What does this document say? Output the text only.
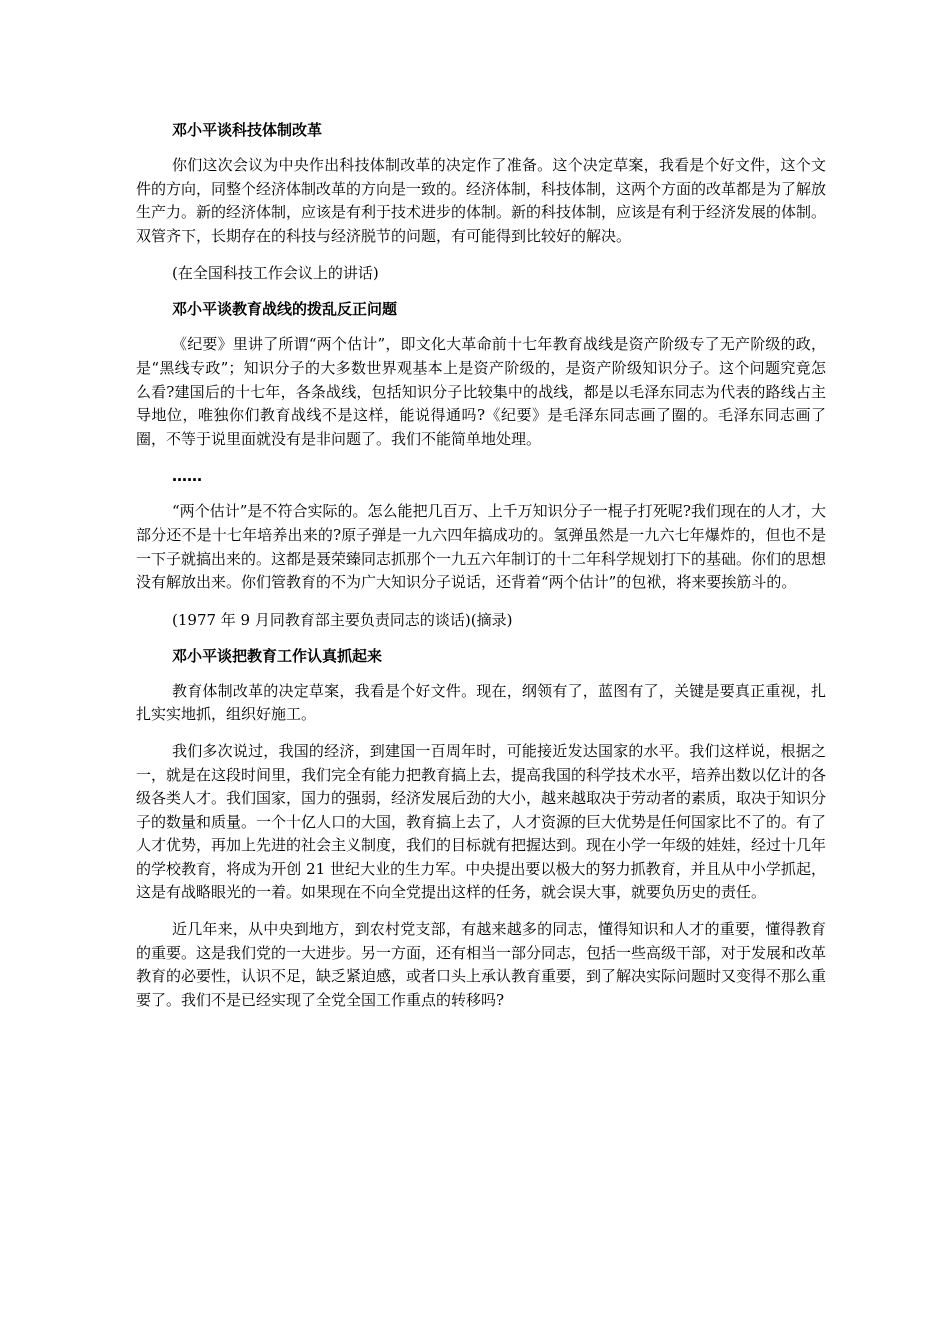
邓小平谈科技体制改革

你们这次会议为中央作出科技体制改革的决定作了准备。这个决定草案，我看是个好文件，这个文件的方向，同整个经济体制改革的方向是一致的。经济体制，科技体制，这两个方面的改革都是为了解放生产力。新的经济体制，应该是有利于技术进步的体制。新的科技体制，应该是有利于经济发展的体制。双管齐下，长期存在的科技与经济脱节的问题，有可能得到比较好的解决。

(在全国科技工作会议上的讲话)
邓小平谈教育战线的拨乱反正问题

《纪要》里讲了所谓“两个估计”，即文化大革命前十七年教育战线是资产阶级专了无产阶级的政，是“黑线专政”；知识分子的大多数世界观基本上是资产阶级的，是资产阶级知识分子。这个问题究竟怎么看?建国后的十七年，各条战线，包括知识分子比较集中的战线，都是以毛泽东同志为代表的路线占主导地位，唯独你们教育战线不是这样，能说得通吗?《纪要》是毛泽东同志画了圈的。毛泽东同志画了圈，不等于说里面就没有是非问题了。我们不能简单地处理。

……

“两个估计”是不符合实际的。怎么能把几百万、上千万知识分子一棍子打死呢?我们现在的人才，大部分还不是十七年培养出来的?原子弹是一九六四年搞成功的。氢弹虽然是一九六七年爆炸的，但也不是一下子就搞出来的。这都是聂荣臻同志抓那个一九五六年制订的十二年科学规划打下的基础。你们的思想没有解放出来。你们管教育的不为广大知识分子说话，还背着“两个估计”的包袱，将来要挨筋斗的。

(1977 年 9 月同教育部主要负责同志的谈话)(摘录)
邓小平谈把教育工作认真抓起来

教育体制改革的决定草案，我看是个好文件。现在，纲领有了，蓝图有了，关键是要真正重视，扎扎实实地抓，组织好施工。

我们多次说过，我国的经济，到建国一百周年时，可能接近发达国家的水平。我们这样说，根据之一，就是在这段时间里，我们完全有能力把教育搞上去，提高我国的科学技术水平，培养出数以亿计的各级各类人才。我们国家，国力的强弱，经济发展后劲的大小，越来越取决于劳动者的素质，取决于知识分子的数量和质量。一个十亿人口的大国，教育搞上去了，人才资源的巨大优势是任何国家比不了的。有了人才优势，再加上先进的社会主义制度，我们的目标就有把握达到。现在小学一年级的娃娃，经过十几年的学校教育，将成为开创 21 世纪大业的生力军。中央提出要以极大的努力抓教育，并且从中小学抓起，这是有战略眼光的一着。如果现在不向全党提出这样的任务，就会误大事，就要负历史的责任。

近几年来，从中央到地方，到农村党支部，有越来越多的同志，懂得知识和人才的重要，懂得教育的重要。这是我们党的一大进步。另一方面，还有相当一部分同志，包括一些高级干部，对于发展和改革教育的必要性，认识不足，缺乏紧迫感，或者口头上承认教育重要，到了解决实际问题时又变得不那么重要了。我们不是已经实现了全党全国工作重点的转移吗?
